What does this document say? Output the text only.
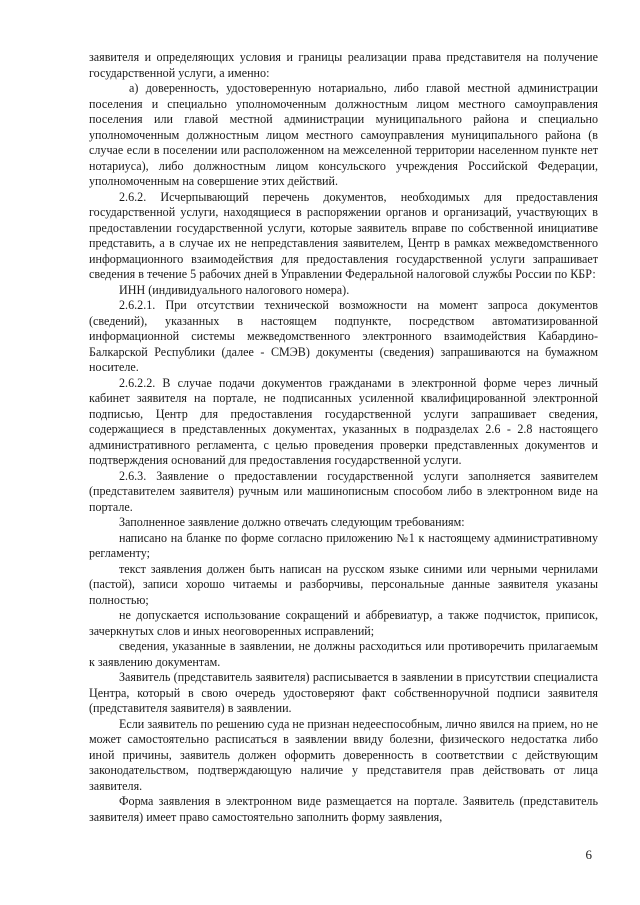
заявителя и определяющих условия и границы реализации права представителя на получение государственной услуги, а именно:

а) доверенность, удостоверенную нотариально, либо главой местной администрации поселения и специально уполномоченным должностным лицом местного самоуправления поселения или главой местной администрации муниципального района и специально уполномоченным должностным лицом местного самоуправления муниципального района (в случае если в поселении или расположенном на межселенной территории населенном пункте нет нотариуса), либо должностным лицом консульского учреждения Российской Федерации, уполномоченным на совершение этих действий.

2.6.2. Исчерпывающий перечень документов, необходимых для предоставления государственной услуги, находящиеся в распоряжении органов и организаций, участвующих в предоставлении государственной услуги, которые заявитель вправе по собственной инициативе представить, а в случае их не непредставления заявителем, Центр в рамках межведомственного информационного взаимодействия для предоставления государственной услуги запрашивает сведения в течение 5 рабочих дней в Управлении Федеральной налоговой службы России по КБР:

ИНН (индивидуального налогового номера).

2.6.2.1. При отсутствии технической возможности на момент запроса документов (сведений), указанных в настоящем подпункте, посредством автоматизированной информационной системы межведомственного электронного взаимодействия Кабардино-Балкарской Республики (далее - СМЭВ) документы (сведения) запрашиваются на бумажном носителе.

2.6.2.2. В случае подачи документов гражданами в электронной форме через личный кабинет заявителя на портале, не подписанных усиленной квалифицированной электронной подписью, Центр для предоставления государственной услуги запрашивает сведения, содержащиеся в представленных документах, указанных в подразделах 2.6 - 2.8 настоящего административного регламента, с целью проведения проверки представленных документов и подтверждения оснований для предоставления государственной услуги.

2.6.3. Заявление о предоставлении государственной услуги заполняется заявителем (представителем заявителя) ручным или машинописным способом либо в электронном виде на портале.

Заполненное заявление должно отвечать следующим требованиям:

написано на бланке по форме согласно приложению №1 к настоящему административному регламенту;

текст заявления должен быть написан на русском языке синими или черными чернилами (пастой), записи хорошо читаемы и разборчивы, персональные данные заявителя указаны полностью;

не допускается использование сокращений и аббревиатур, а также подчисток, приписок, зачеркнутых слов и иных неоговоренных исправлений;

сведения, указанные в заявлении, не должны расходиться или противоречить прилагаемым к заявлению документам.

Заявитель (представитель заявителя) расписывается в заявлении в присутствии специалиста Центра, который в свою очередь удостоверяют факт собственноручной подписи заявителя (представителя заявителя) в заявлении.

Если заявитель по решению суда не признан недееспособным, лично явился на прием, но не может самостоятельно расписаться в заявлении ввиду болезни, физического недостатка либо иной причины, заявитель должен оформить доверенность в соответствии с действующим законодательством, подтверждающую наличие у представителя прав действовать от лица заявителя.

Форма заявления в электронном виде размещается на портале. Заявитель (представитель заявителя) имеет право самостоятельно заполнить форму заявления,

6
